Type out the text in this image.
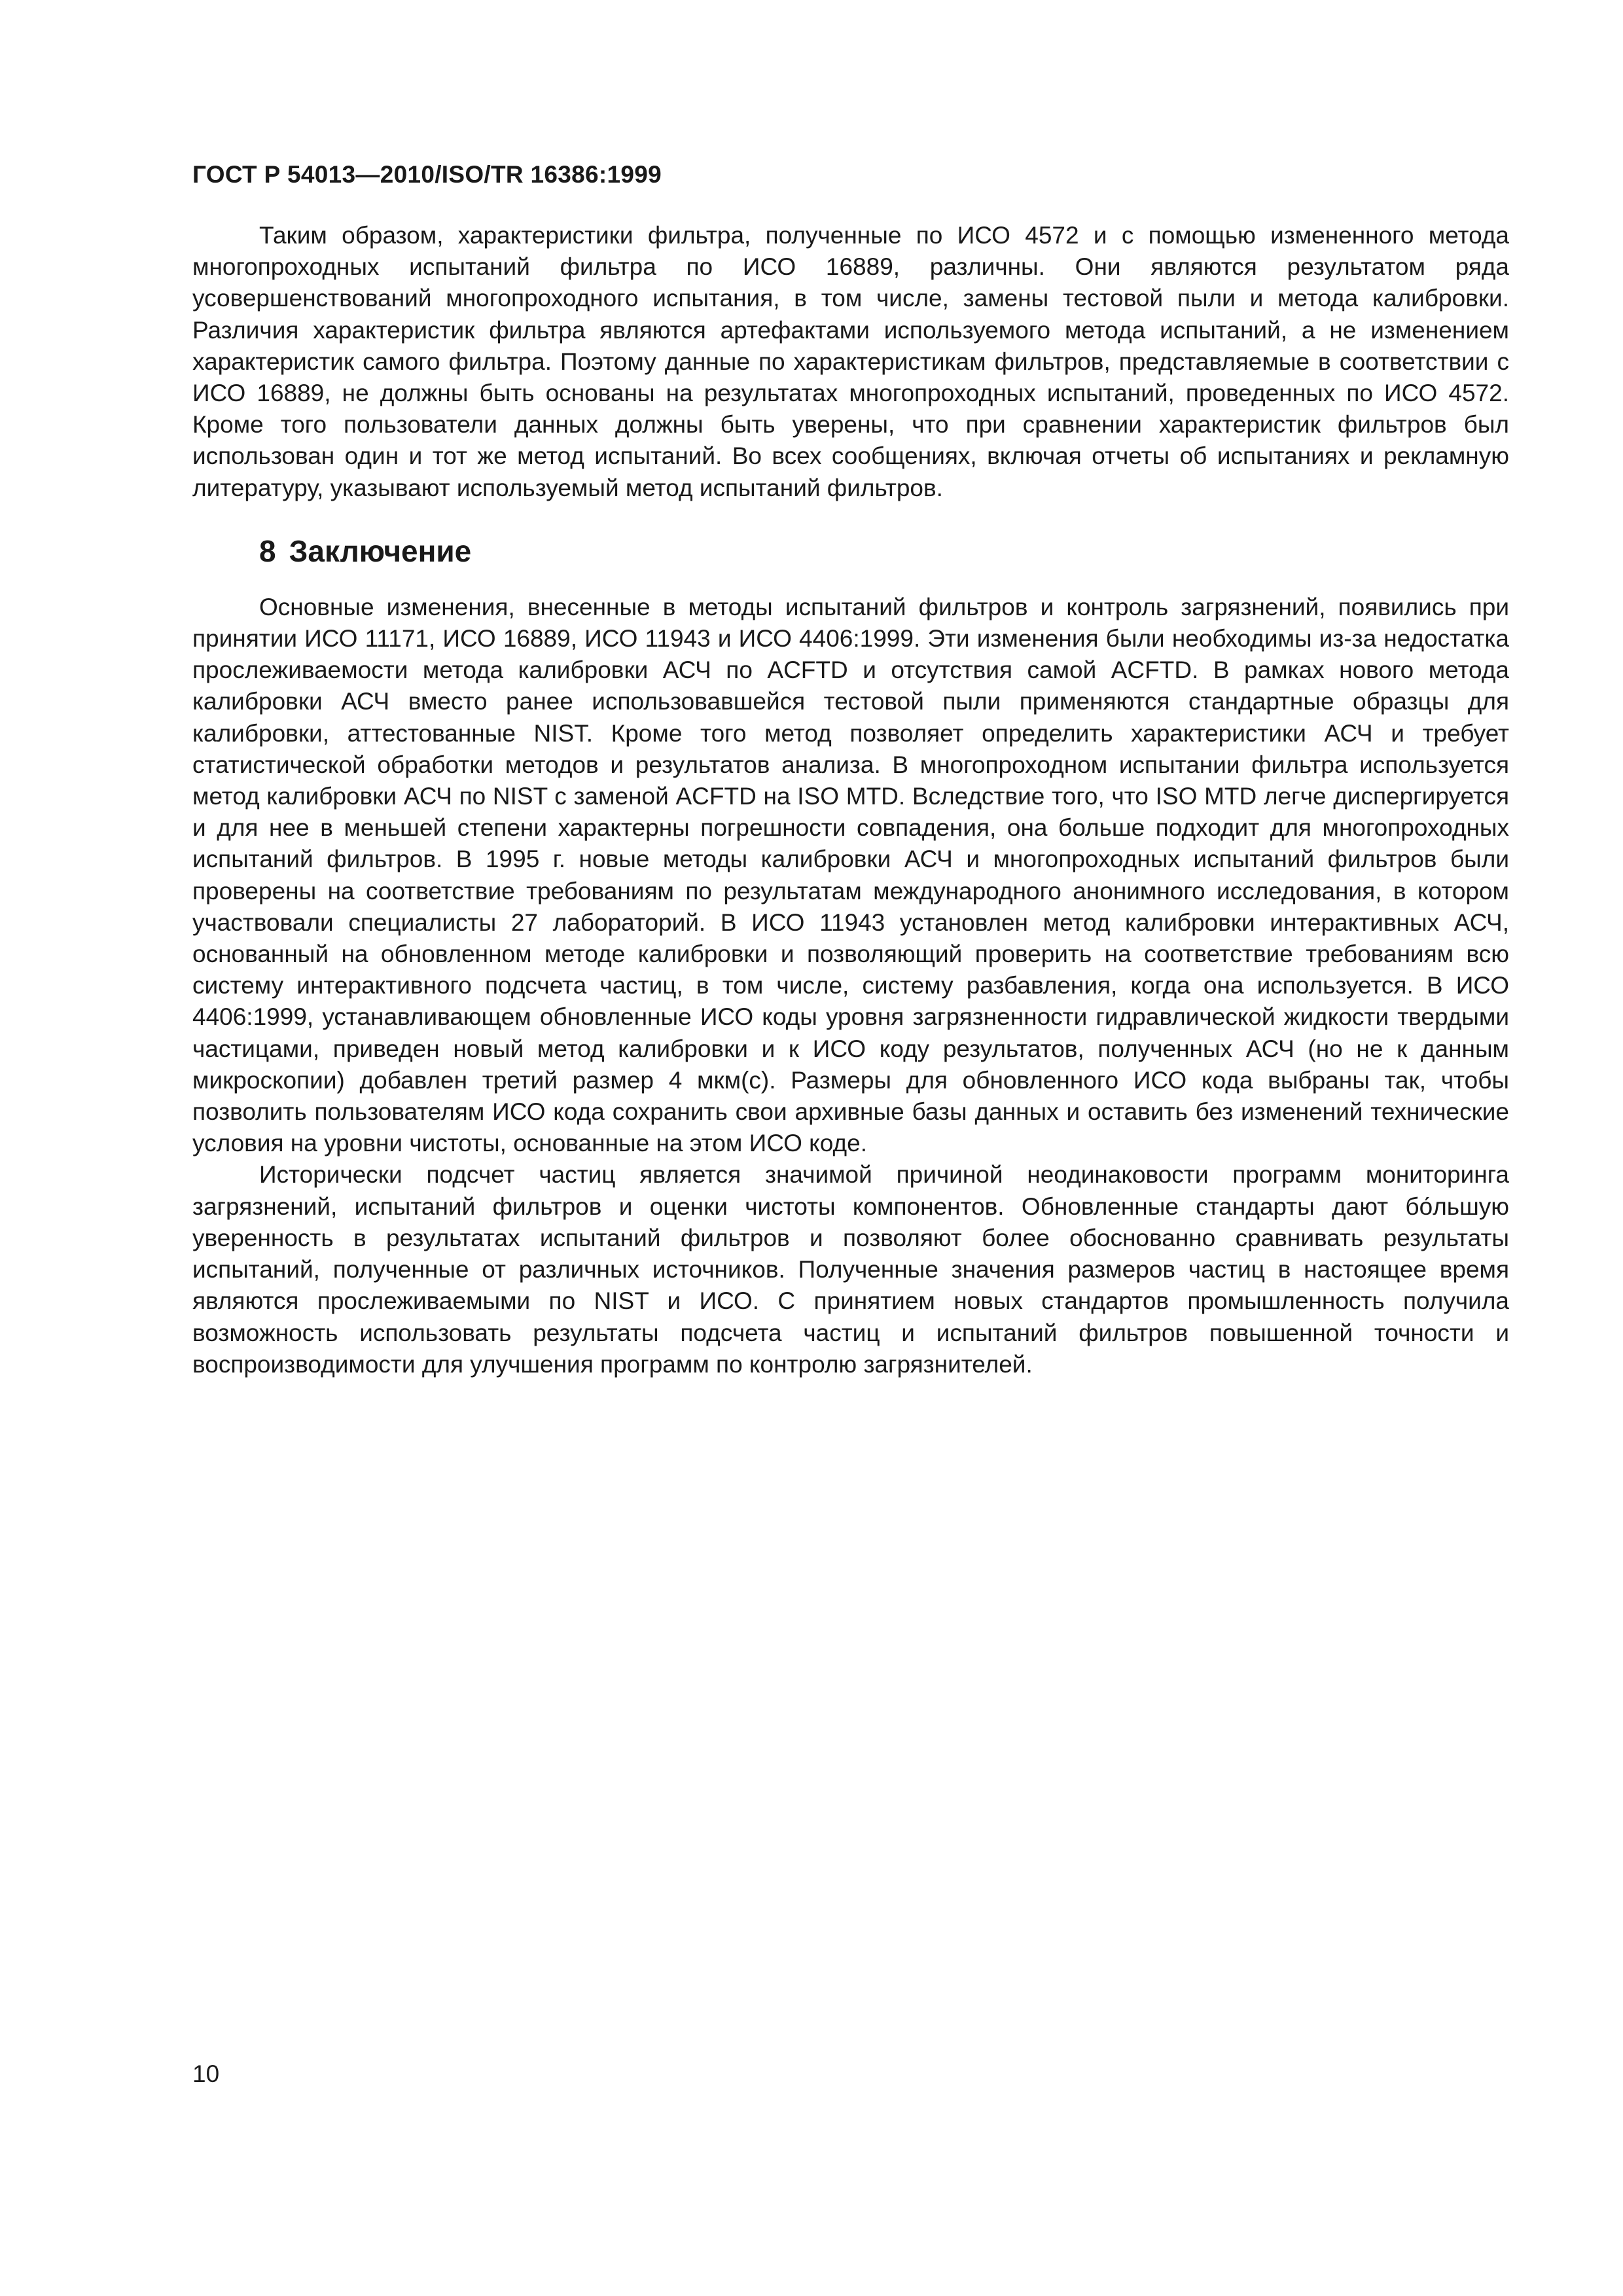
ГОСТ Р 54013—2010/ISO/TR 16386:1999

Таким образом, характеристики фильтра, полученные по ИСО 4572 и с помощью измененного метода многопроходных испытаний фильтра по ИСО 16889, различны. Они являются результатом ряда усовершенствований многопроходного испытания, в том числе, замены тестовой пыли и метода калибровки. Различия характеристик фильтра являются артефактами используемого метода испытаний, а не изменением характеристик самого фильтра. Поэтому данные по характеристикам фильтров, представляемые в соответствии с ИСО 16889, не должны быть основаны на результатах многопроходных испытаний, проведенных по ИСО 4572. Кроме того пользователи данных должны быть уверены, что при сравнении характеристик фильтров был использован один и тот же метод испытаний. Во всех сообщениях, включая отчеты об испытаниях и рекламную литературу, указывают используемый метод испытаний фильтров.

8 Заключение

Основные изменения, внесенные в методы испытаний фильтров и контроль загрязнений, появились при принятии ИСО 11171, ИСО 16889, ИСО 11943 и ИСО 4406:1999. Эти изменения были необходимы из-за недостатка прослеживаемости метода калибровки АСЧ по ACFTD и отсутствия самой ACFTD. В рамках нового метода калибровки АСЧ вместо ранее использовавшейся тестовой пыли применяются стандартные образцы для калибровки, аттестованные NIST. Кроме того метод позволяет определить характеристики АСЧ и требует статистической обработки методов и результатов анализа. В многопроходном испытании фильтра используется метод калибровки АСЧ по NIST с заменой ACFTD на ISO MTD. Вследствие того, что ISO MTD легче диспергируется и для нее в меньшей степени характерны погрешности совпадения, она больше подходит для многопроходных испытаний фильтров. В 1995 г. новые методы калибровки АСЧ и многопроходных испытаний фильтров были проверены на соответствие требованиям по результатам международного анонимного исследования, в котором участвовали специалисты 27 лабораторий. В ИСО 11943 установлен метод калибровки интерактивных АСЧ, основанный на обновленном методе калибровки и позволяющий проверить на соответствие требованиям всю систему интерактивного подсчета частиц, в том числе, систему разбавления, когда она используется. В ИСО 4406:1999, устанавливающем обновленные ИСО коды уровня загрязненности гидравлической жидкости твердыми частицами, приведен новый метод калибровки и к ИСО коду результатов, полученных АСЧ (но не к данным микроскопии) добавлен третий размер 4 мкм(с). Размеры для обновленного ИСО кода выбраны так, чтобы позволить пользователям ИСО кода сохранить свои архивные базы данных и оставить без изменений технические условия на уровни чистоты, основанные на этом ИСО коде.

Исторически подсчет частиц является значимой причиной неодинаковости программ мониторинга загрязнений, испытаний фильтров и оценки чистоты компонентов. Обновленные стандарты дают бо́льшую уверенность в результатах испытаний фильтров и позволяют более обоснованно сравнивать результаты испытаний, полученные от различных источников. Полученные значения размеров частиц в настоящее время являются прослеживаемыми по NIST и ИСО. С принятием новых стандартов промышленность получила возможность использовать результаты подсчета частиц и испытаний фильтров повышенной точности и воспроизводимости для улучшения программ по контролю загрязнителей.

10
